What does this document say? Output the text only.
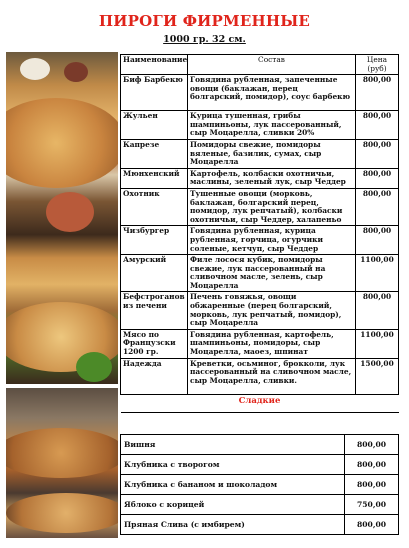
ПИРОГИ ФИРМЕННЫЕ
1000 гр. 32 см.
Наименование	Состав	Цена (руб)
Биф Барбекю	Говядина рубленная, запеченные овощи (баклажан, перец болгарский, помидор), соус барбекю	800,00
Жульен	Курица тушенная, грибы шампиньоны, лук пассерованный, сыр Моцарелла, сливки 20%	800,00
Капрезе	Помидоры свежие, помидоры вяленые, базилик, сумах, сыр Моцарелла	800,00
Мюнхенский	Картофель, колбаски охотничьи, маслины, зеленый лук, сыр Чеддер	800,00
Охотник	Тушенные овощи (морковь, баклажан, болгарский перец, помидор, лук репчатый), колбаски охотничьи, сыр Чеддер, халапеньо	800,00
Чизбургер	Говядина рубленная, курица рубленная, горчица, огурчики соленые, кетчуп, сыр Чеддер	800,00
Амурский	Филе лосося кубик, помидоры свежие, лук пассерованный на сливочном масле, зелень, сыр Моцарелла	1100,00
Бефстроганов из печени	Печень говяжья, овощи обжаренные (перец болгарский, морковь, лук репчатый, помидор), сыр Моцарелла	800,00
Мясо по Французски 1200 гр.	Говядина рубленная, картофель, шампиньоны, помидоры, сыр Моцарелла, маоез, шпинат	1100,00
Надежда	Креветки, осьминог, брокколи, лук пассерованный на сливочном масле, сыр Моцарелла, сливки.	1500,00
Сладкие	

Вишня	800,00
Клубника с творогом	800,00
Клубника с бананом и шоколадом	800,00
Яблоко с корицей	750,00
Пряная Слива (с имбирем)	800,00
